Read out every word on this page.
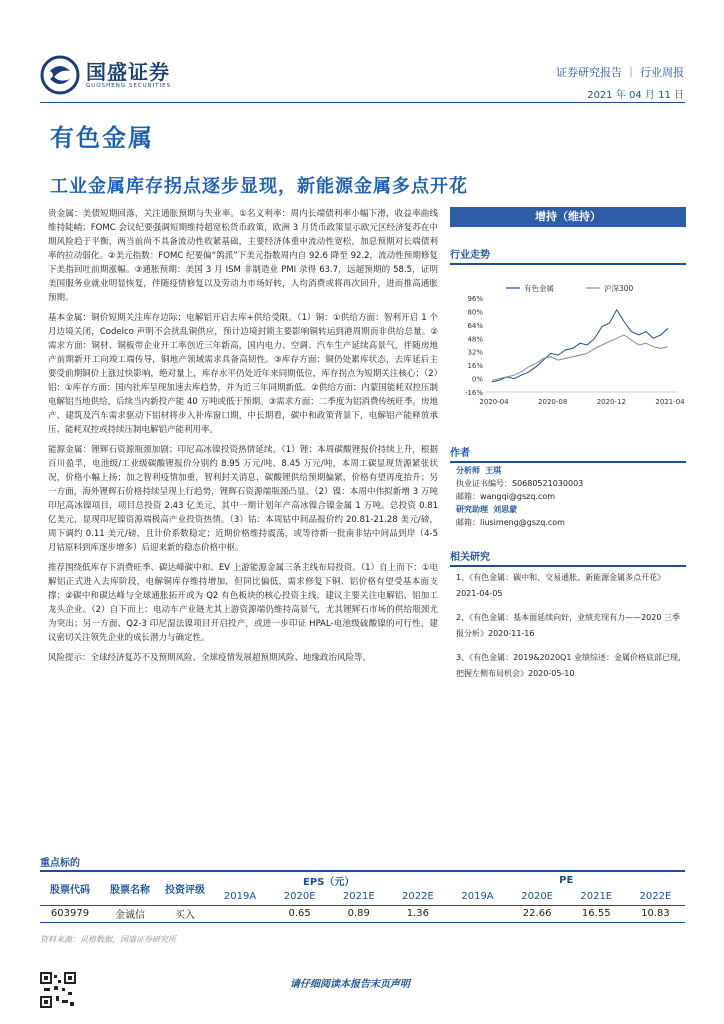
国盛证券
GUOSHENG SECURITIES
证券研究报告 ｜ 行业周报
2021 年 04 月 11 日
有色金属
工业金属库存拐点逐步显现，新能源金属多点开花

贵金属：美债短期回落，关注通胀预期与失业率。①名义利率：周内长端债利率小幅下滑，收益率曲线维持陡峭；FOMC 会议纪要强调短期维持超宽松货币政策，欧洲 3 月货币政策显示欧元区经济复苏在中期风险趋于平衡，两当前尚不具备流动性收紧基础，主要经济体重申流动性宽松，加息预期对长端债利率的拉动弱化。②美元指数：FOMC 纪要偏“鸽派”下美元指数周内自 92.6 降至 92.2，流动性预期修复下美指回吐前期涨幅。③通胀预期：美国 3 月 ISM 非制造业 PMI 录得 63.7，远超预期的 58.5，证明美国服务业就业明显恢复，伴随疫情修复以及劳动力市场好转，人均消费或将再次回升，进而推高通胀预期。

基本金属：铜价短期关注库存边际；电解铝开启去库+供给受限。（1）铜：①供给方面：智利开启 1 个月边境关闭，Codelco 声明不会扰乱铜供应，预计边境封锁主要影响铜转运到港周期而非供给总量。②需求方面：铜材、铜板带企业开工率创近三年新高，国内电力、空调、汽车生产延续高景气，伴随房地产前期新开工向竣工端传导，铜地产领域需求具备高韧性。③库存方面：铜仍处累库状态，去库延后主要受前期铜价上涨过快影响，绝对量上，库存水平仍处近年来同期低位，库存拐点为短期关注核心；（2）铝：①库存方面：国内社库呈现加速去库趋势，并为近三年同期新低。②供给方面：内蒙国能耗双控压制电解铝当地供给，后续当内新投产能 40 万吨或低于预期。③需求方面：二季度为铝消费传统旺季，房地产、建筑及汽车需求驱动下铝材将步入补库窗口期，中长期看，碳中和政策背景下，电解铝产能释放承压、能耗双控或持续压制电解铝产能利用率。

能源金属：锂辉石资源瓶颈加剧；印尼高冰镍投资热情延续。（1）锂：本周碳酸锂报价持续上升，根据百川盈孚，电池级/工业级碳酸锂报价分别约 8.95 万元/吨、8.45 万元/吨，本周工碳显现货源紧张状况，价格小幅上扬；加之智利疫情加重，智利封关消息，碳酸锂供给预期偏紧，价格有望再度抬升；另一方面，海外锂辉石价格持续呈现上行趋势，锂辉石资源端瓶颈凸显。（2）镍：本周中伟拟新增 3 万吨印尼高冰镍项目，项目总投资 2.43 亿美元，其中一期计划年产高冰镍合镍金属 1 万吨。总投资 0.81 亿美元，显现印尼镍资源端极高产业投资热情。（3）钴：本周钴中间品报价约 20.81-21.28 美元/磅，周下调约 0.11 美元/磅，且计价系数稳定；近期价格维持震荡，或等待新一批南非钴中间品到岸（4-5 月钴原料到库逐步增多）后迎来新的稳态价格中枢。

推荐围绕低库存下消费旺季、碳达峰碳中和、EV 上游能源金属三条主线布局投资。（1）自上而下：①电解铝正式进入去库阶段，电解铜库存维持增加，但同比偏低，需求修复下铜、铝价格有望受基本面支撑；②碳中和碳达峰与全球通胀拓开或为 Q2 有色板块的核心投资主线，建议主要关注电解铝、铝加工龙头企业。（2）自下而上：电动车产业链尤其上游资源端仍维持高景气，尤其锂辉石市场的供给瓶颈尤为突出；另一方面、Q2-3 印尼湿法镍项目开启投产，或进一步印证 HPAL-电池级硫酸镍的可行性，建议密切关注领先企业的成长潜力与确定性。

风险提示：全球经济复苏不及预期风险、全球疫情发展超预期风险、地缘政治风险等。

增持（维持）
行业走势
96%
80%
64%
48%
32%
16%
0%
-16%
2020-04	2020-08	2020-12	2021-04
有色金属	沪深300
作者
分析师 王琪
执业证书编号：S0680521030003
邮箱：wangqi@gszq.com
研究助理 刘思蒙
邮箱：liusimeng@gszq.com
相关研究
1、《有色金属：碳中和、交易通胀、新能源金属多点开花》2021-04-05
2、《有色金属：基本面延续向好，业绩充现有力——2020 三季报分析》2020-11-16
3、《有色金属：2019&2020Q1 业绩综述：金属价格底部已现，把握左侧布局机会》2020-05-10
重点标的
股票代码	股票名称	投资评级	EPS（元）				PE			
			2019A	2020E	2021E	2022E	2019A	2020E	2021E	2022E
603979	金诚信	买入		0.65	0.89	1.36		22.66	16.55	10.83
资料来源：贝格数据，国盛证券研究所
请仔细阅读本报告末页声明
